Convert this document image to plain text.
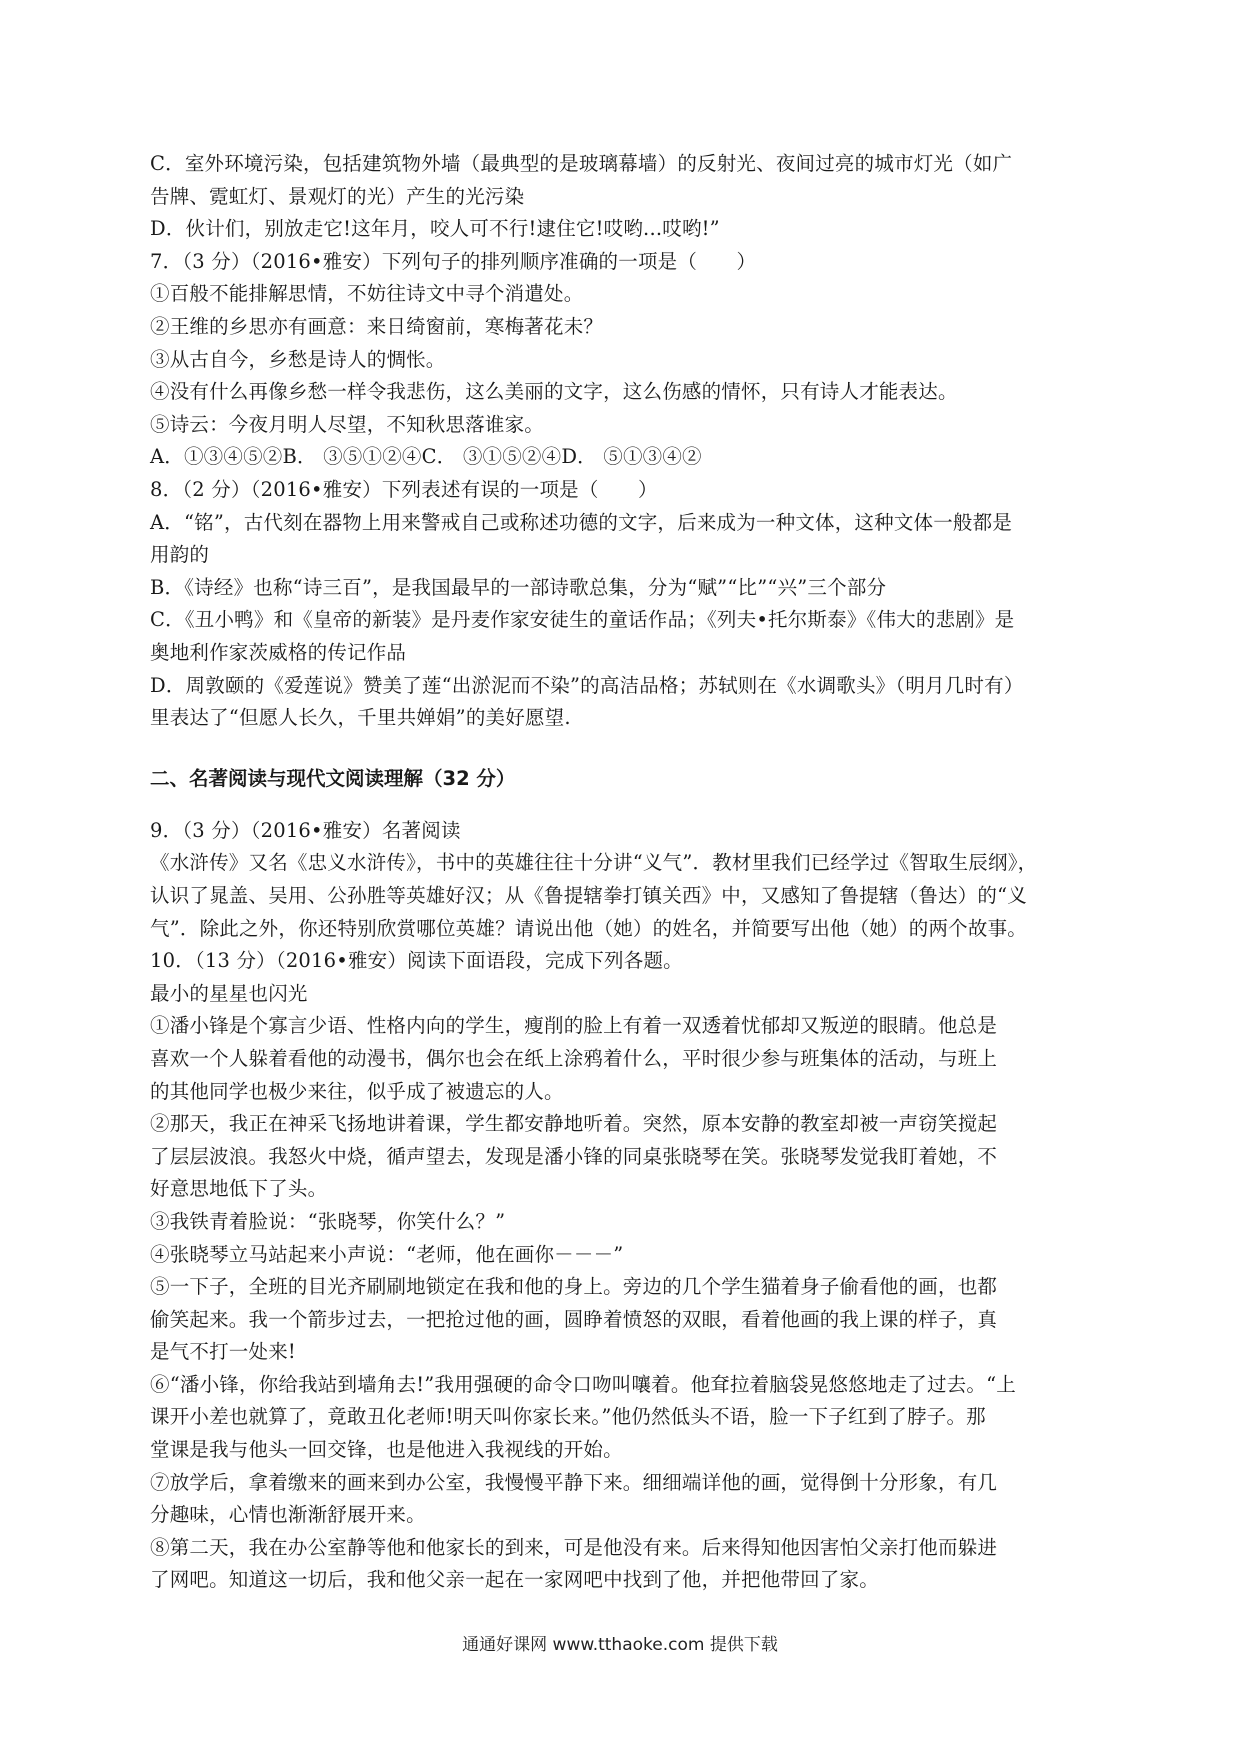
C．室外环境污染，包括建筑物外墙（最典型的是玻璃幕墙）的反射光、夜间过亮的城市灯光（如广

告牌、霓虹灯、景观灯的光）产生的光污染

D．伙计们，别放走它!这年月，咬人可不行!逮住它!哎哟...哎哟!”

7．（3 分）（2016•雅安）下列句子的排列顺序准确的一项是（　　）

①百般不能排解思情，不妨往诗文中寻个消遣处。

②王维的乡思亦有画意：来日绮窗前，寒梅著花未？

③从古自今，乡愁是诗人的惆怅。

④没有什么再像乡愁一样令我悲伤，这么美丽的文字，这么伤感的情怀，只有诗人才能表达。

⑤诗云：今夜月明人尽望，不知秋思落谁家。

A．①③④⑤②B． ③⑤①②④C． ③①⑤②④D． ⑤①③④②

8．（2 分）（2016•雅安）下列表述有误的一项是（　　）

A．“铭”，古代刻在器物上用来警戒自己或称述功德的文字，后来成为一种文体，这种文体一般都是

用韵的

B．《诗经》也称“诗三百”，是我国最早的一部诗歌总集，分为“赋”“比”“兴”三个部分

C．《丑小鸭》和《皇帝的新装》是丹麦作家安徒生的童话作品；《列夫•托尔斯泰》《伟大的悲剧》是

奥地利作家茨威格的传记作品

D．周敦颐的《爱莲说》赞美了莲“出淤泥而不染”的高洁品格；苏轼则在《水调歌头》（明月几时有）

里表达了“但愿人长久，千里共婵娟”的美好愿望.

二、名著阅读与现代文阅读理解（32 分）

9．（3 分）（2016•雅安）名著阅读

《水浒传》又名《忠义水浒传》，书中的英雄往往十分讲“义气”．教材里我们已经学过《智取生辰纲》，

认识了晁盖、吴用、公孙胜等英雄好汉；从《鲁提辖拳打镇关西》中，又感知了鲁提辖（鲁达）的“义

气”．除此之外，你还特别欣赏哪位英雄？请说出他（她）的姓名，并简要写出他（她）的两个故事。

10．（13 分）（2016•雅安）阅读下面语段，完成下列各题。

最小的星星也闪光

①潘小锋是个寡言少语、性格内向的学生，瘦削的脸上有着一双透着忧郁却又叛逆的眼睛。他总是

喜欢一个人躲着看他的动漫书，偶尔也会在纸上涂鸦着什么，平时很少参与班集体的活动，与班上

的其他同学也极少来往，似乎成了被遗忘的人。

②那天，我正在神采飞扬地讲着课，学生都安静地听着。突然，原本安静的教室却被一声窃笑搅起

了层层波浪。我怒火中烧，循声望去，发现是潘小锋的同桌张晓琴在笑。张晓琴发觉我盯着她，不

好意思地低下了头。

③我铁青着脸说：“张晓琴，你笑什么？”

④张晓琴立马站起来小声说：“老师，他在画你－－－”

⑤一下子，全班的目光齐刷刷地锁定在我和他的身上。旁边的几个学生猫着身子偷看他的画，也都

偷笑起来。我一个箭步过去，一把抢过他的画，圆睁着愤怒的双眼，看着他画的我上课的样子，真

是气不打一处来!

⑥“潘小锋，你给我站到墙角去!”我用强硬的命令口吻叫嚷着。他耷拉着脑袋晃悠悠地走了过去。“上

课开小差也就算了，竟敢丑化老师!明天叫你家长来。”他仍然低头不语，脸一下子红到了脖子。那

堂课是我与他头一回交锋，也是他进入我视线的开始。

⑦放学后，拿着缴来的画来到办公室，我慢慢平静下来。细细端详他的画，觉得倒十分形象，有几

分趣味，心情也渐渐舒展开来。

⑧第二天，我在办公室静等他和他家长的到来，可是他没有来。后来得知他因害怕父亲打他而躲进

了网吧。知道这一切后，我和他父亲一起在一家网吧中找到了他，并把他带回了家。

通通好课网 www.tthaoke.com 提供下载
